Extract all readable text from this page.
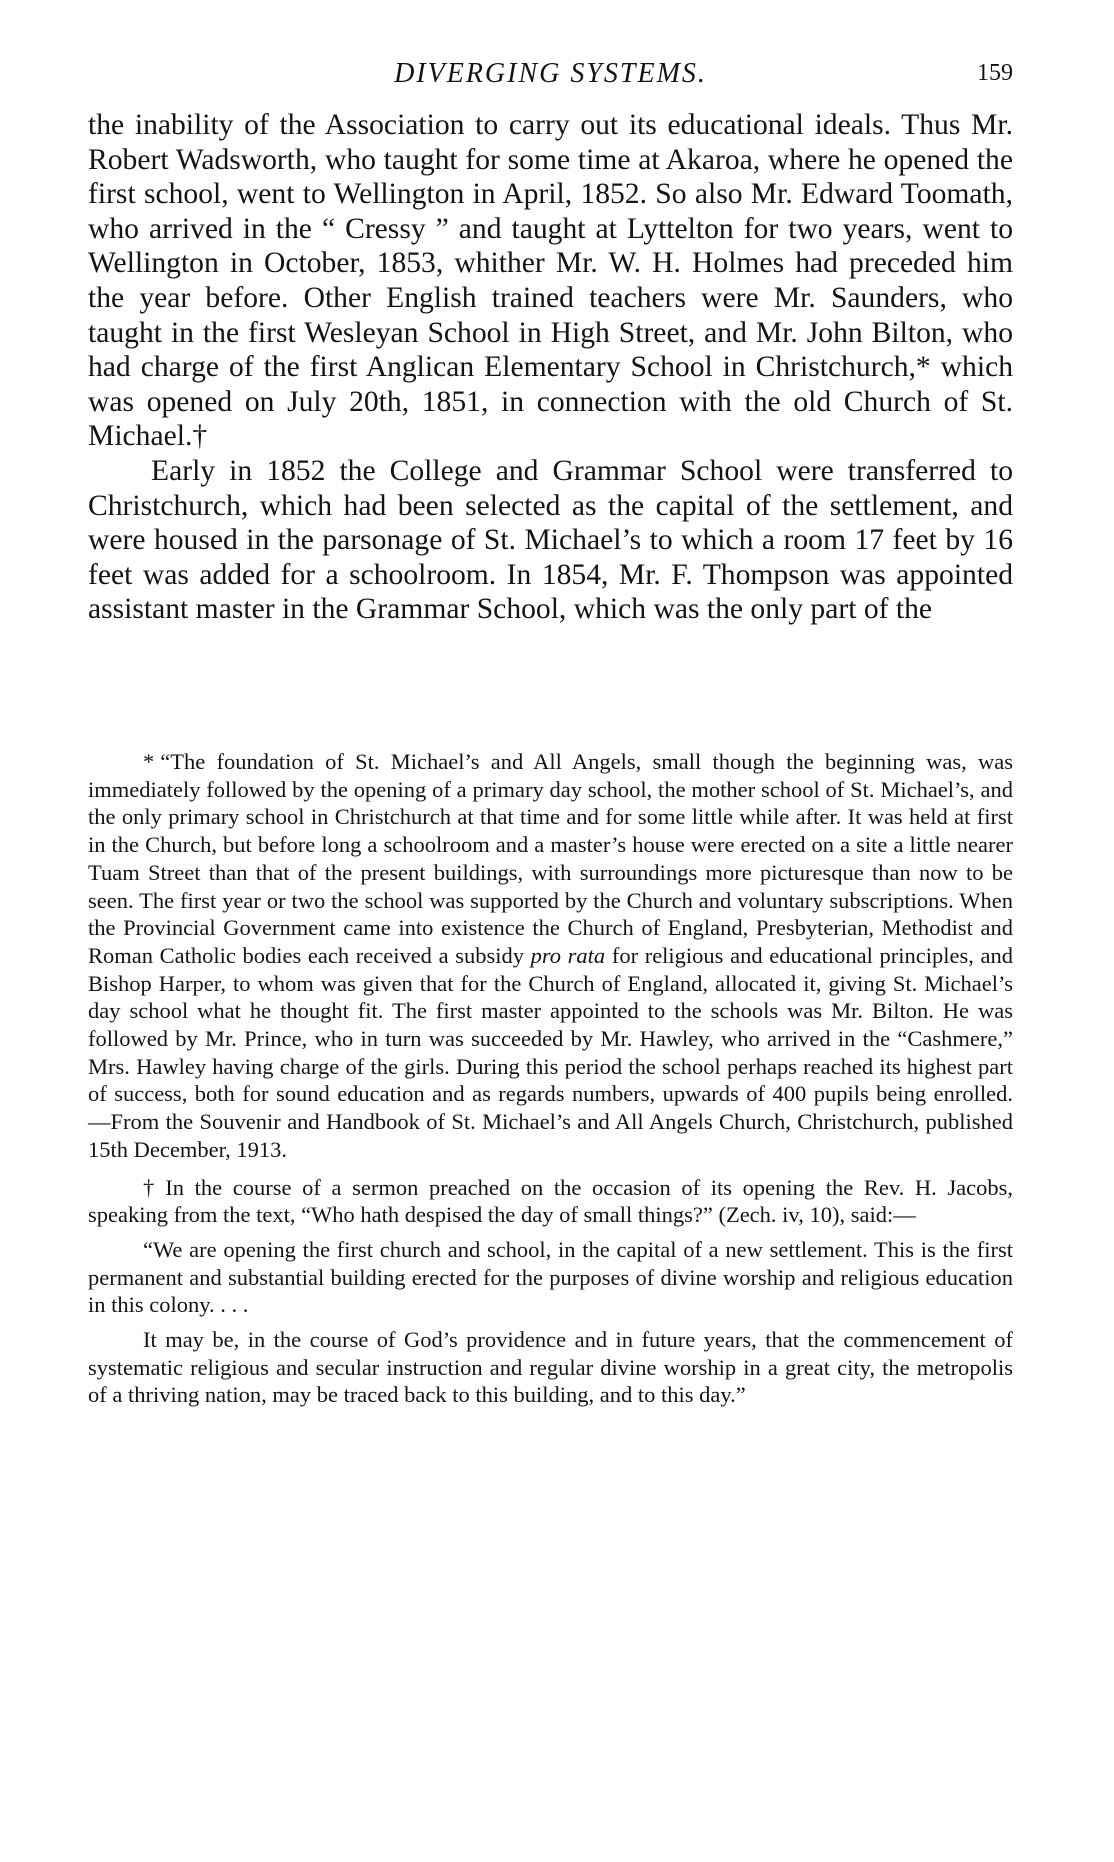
DIVERGING SYSTEMS.	159

the inability of the Association to carry out its educational ideals. Thus Mr. Robert Wadsworth, who taught for some time at Akaroa, where he opened the first school, went to Wellington in April, 1852. So also Mr. Edward Toomath, who arrived in the “ Cressy ” and taught at Lyttelton for two years, went to Wellington in October, 1853, whither Mr. W. H. Holmes had preceded him the year before. Other English trained teachers were Mr. Saunders, who taught in the first Wesleyan School in High Street, and Mr. John Bilton, who had charge of the first Anglican Elementary School in Christchurch,* which was opened on July 20th, 1851, in connection with the old Church of St. Michael.†

Early in 1852 the College and Grammar School were transferred to Christchurch, which had been selected as the capital of the settlement, and were housed in the parsonage of St. Michael’s to which a room 17 feet by 16 feet was added for a schoolroom. In 1854, Mr. F. Thompson was appointed assistant master in the Grammar School, which was the only part of the

* “The foundation of St. Michael’s and All Angels, small though the beginning was, was immediately followed by the opening of a primary day school, the mother school of St. Michael’s, and the only primary school in Christchurch at that time and for some little while after. It was held at first in the Church, but before long a schoolroom and a master’s house were erected on a site a little nearer Tuam Street than that of the present buildings, with surroundings more picturesque than now to be seen. The first year or two the school was supported by the Church and voluntary subscriptions. When the Provincial Government came into existence the Church of England, Presbyterian, Methodist and Roman Catholic bodies each received a subsidy pro rata for religious and educational principles, and Bishop Harper, to whom was given that for the Church of England, allocated it, giving St. Michael’s day school what he thought fit. The first master appointed to the schools was Mr. Bilton. He was followed by Mr. Prince, who in turn was succeeded by Mr. Hawley, who arrived in the “Cashmere,” Mrs. Hawley having charge of the girls. During this period the school perhaps reached its highest part of success, both for sound education and as regards numbers, upwards of 400 pupils being enrolled. —From the Souvenir and Handbook of St. Michael’s and All Angels Church, Christchurch, published 15th December, 1913.

† In the course of a sermon preached on the occasion of its opening the Rev. H. Jacobs, speaking from the text, “Who hath despised the day of small things?” (Zech. iv, 10), said:—

“We are opening the first church and school, in the capital of a new settlement. This is the first permanent and substantial building erected for the purposes of divine worship and religious education in this colony. . . .

It may be, in the course of God’s providence and in future years, that the commencement of systematic religious and secular instruction and regular divine worship in a great city, the metropolis of a thriving nation, may be traced back to this building, and to this day.”
